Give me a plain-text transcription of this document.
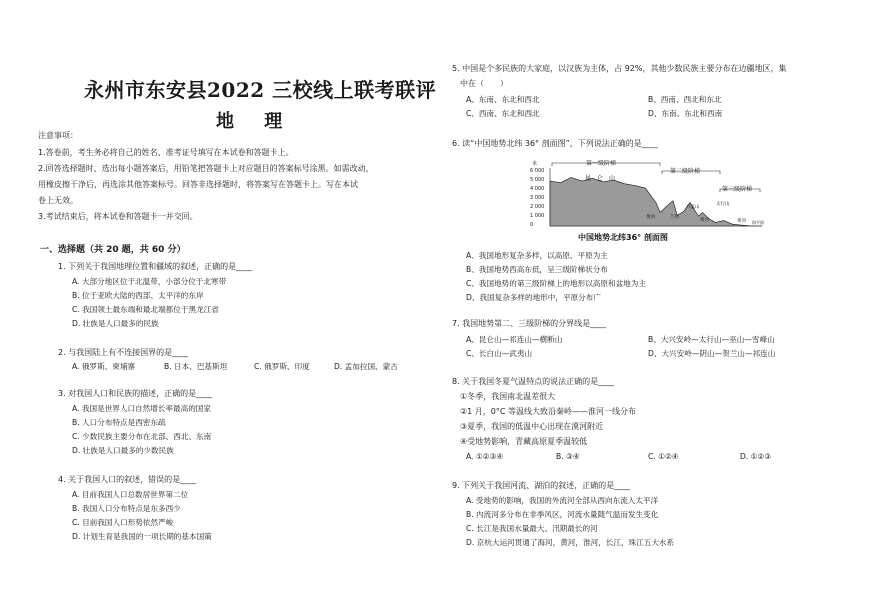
永州市东安县2022 三校线上联考联评
地 理
注意事项：
1.答卷前，考生务必将自己的姓名、准考证号填写在本试卷和答题卡上。
2.回答选择题时，选出每小题答案后，用铅笔把答题卡上对应题目的答案标号涂黑。如需改动，
用橡皮擦干净后，再选涂其他答案标号。回答非选择题时，将答案写在答题卡上。写在本试
卷上无效。
3.考试结束后，将本试卷和答题卡一并交回。
一、选择题（共 20 题，共 60 分）
1. 下列关于我国地理位置和疆域的叙述，正确的是____
A. 大部分地区位于北温带，小部分位于北寒带
B. 位于亚欧大陆的西部、太平洋的东岸
C. 我国领土最东端和最北端都位于黑龙江省
D. 壮族是人口最多的民族
2. 与我国陆上有不连接国界的是____
A. 俄罗斯、柬埔寨	B. 日本、巴基斯坦	C. 俄罗斯、印度	D. 孟加拉国、蒙古
3. 对我国人口和民族的描述，正确的是____
A. 我国是世界人口自然增长率最高的国家
B. 人口分布特点是西密东疏
C. 少数民族主要分布在北部、西北、东南
D. 壮族是人口最多的少数民族
4. 关于我国人口的叙述，错误的是____
A. 目前我国人口总数居世界第二位
B. 我国人口分布特点是东多西少
C. 目前我国人口形势依然严峻
D. 计划生育是我国的一项长期的基本国策
5. 中国是个多民族的大家庭，以汉族为主体，占 92%，其他少数民族主要分布在边疆地区，集
中在（　　）
A、东南、东北和西北	B、西南、西北和东北
C、西南、东北和西北	D、东南、东北和西南
6. 读“中国地势北纬 36° 剖面图”，下列说法正确的是____
6 000
5 000
4 000
3 000
2 000
1 000
0
米	第一级阶梯
第二级阶梯
第三级阶梯
昆　仑　山
黄河
六盘山
兰州
黄河
太行山
黄河 海平面
中国地势北纬36° 剖面图
A、我国地形复杂多样，以高原、平原为主
B、我国地势西高东低，呈三级阶梯状分布
C、我国地势的第三级阶梯上的地形以高原和盆地为主
D、我国复杂多样的地形中，平原分布广
7. 我国地势第二、三级阶梯的分界线是____
A、昆仑山—祁连山—横断山	B、大兴安岭—太行山—巫山—雪峰山
C、长白山—武夷山	D、大兴安岭—阴山—贺兰山—祁连山
8. 关于我国冬夏气温特点的说法正确的是____
①冬季，我国南北温差很大
②1 月，0°C 等温线大致沿秦岭——淮河一线分布
③夏季，我国的低温中心出现在漠河附近
④受地势影响，青藏高原夏季温较低
A. ①②③④	B. ③④	C. ①②④	D. ①②③
9. 下列关于我国河流、湖泊的叙述，正确的是____
A. 受地势的影响，我国的外流河全部从西向东流入太平洋
B. 内流河多分布在非季风区，河流水量随气温而发生变化
C. 长江是我国水量最大、汛期最长的河
D. 京杭大运河贯通了海河，黄河，淮河，长江，珠江五大水系
